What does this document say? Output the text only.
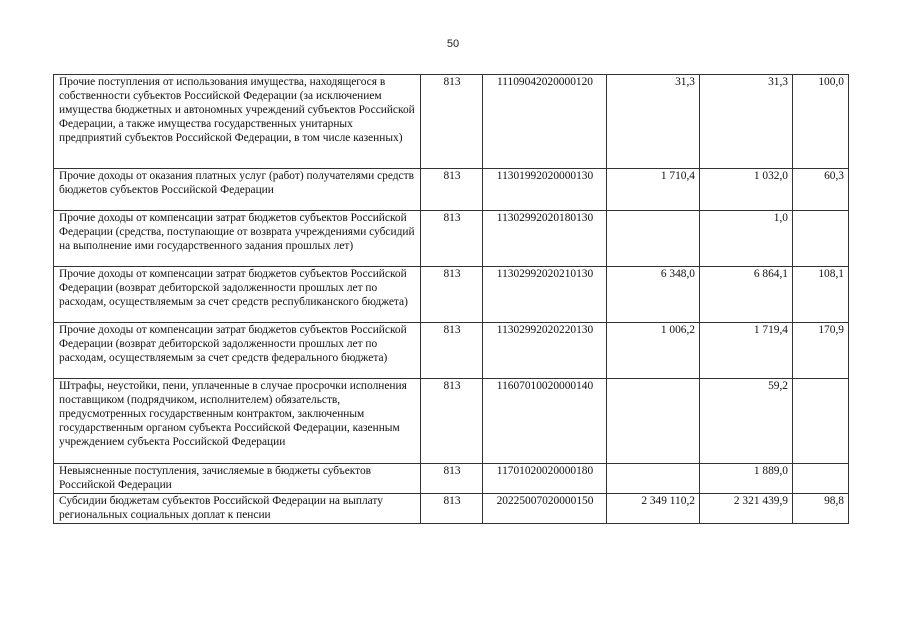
50
Прочие поступления от использования имущества, находящегося в собственности субъектов Российской Федерации (за исключением имущества бюджетных и автономных учреждений субъектов Российской Федерации, а также имущества государственных унитарных предприятий субъектов Российской Федерации, в том числе казенных)	813	11109042020000120	31,3	31,3	100,0
Прочие доходы от оказания платных услуг (работ) получателями средств бюджетов субъектов Российской Федерации	813	11301992020000130	1 710,4	1 032,0	60,3
Прочие доходы от компенсации затрат бюджетов субъектов Российской Федерации (средства, поступающие от возврата учреждениями субсидий на выполнение ими государственного задания прошлых лет)	813	11302992020180130		1,0	
Прочие доходы от компенсации затрат бюджетов субъектов Российской Федерации (возврат дебиторской задолженности прошлых лет по расходам, осуществляемым за счет средств республиканского бюджета)	813	11302992020210130	6 348,0	6 864,1	108,1
Прочие доходы от компенсации затрат бюджетов субъектов Российской Федерации (возврат дебиторской задолженности прошлых лет по расходам, осуществляемым за счет средств федерального бюджета)	813	11302992020220130	1 006,2	1 719,4	170,9
Штрафы, неустойки, пени, уплаченные в случае просрочки исполнения поставщиком (подрядчиком, исполнителем) обязательств, предусмотренных государственным контрактом, заключенным государственным органом субъекта Российской Федерации, казенным учреждением субъекта Российской Федерации	813	11607010020000140		59,2	
Невыясненные поступления, зачисляемые в бюджеты субъектов Российской Федерации	813	11701020020000180		1 889,0	
Субсидии бюджетам субъектов Российской Федерации на выплату региональных социальных доплат к пенсии	813	20225007020000150	2 349 110,2	2 321 439,9	98,8
